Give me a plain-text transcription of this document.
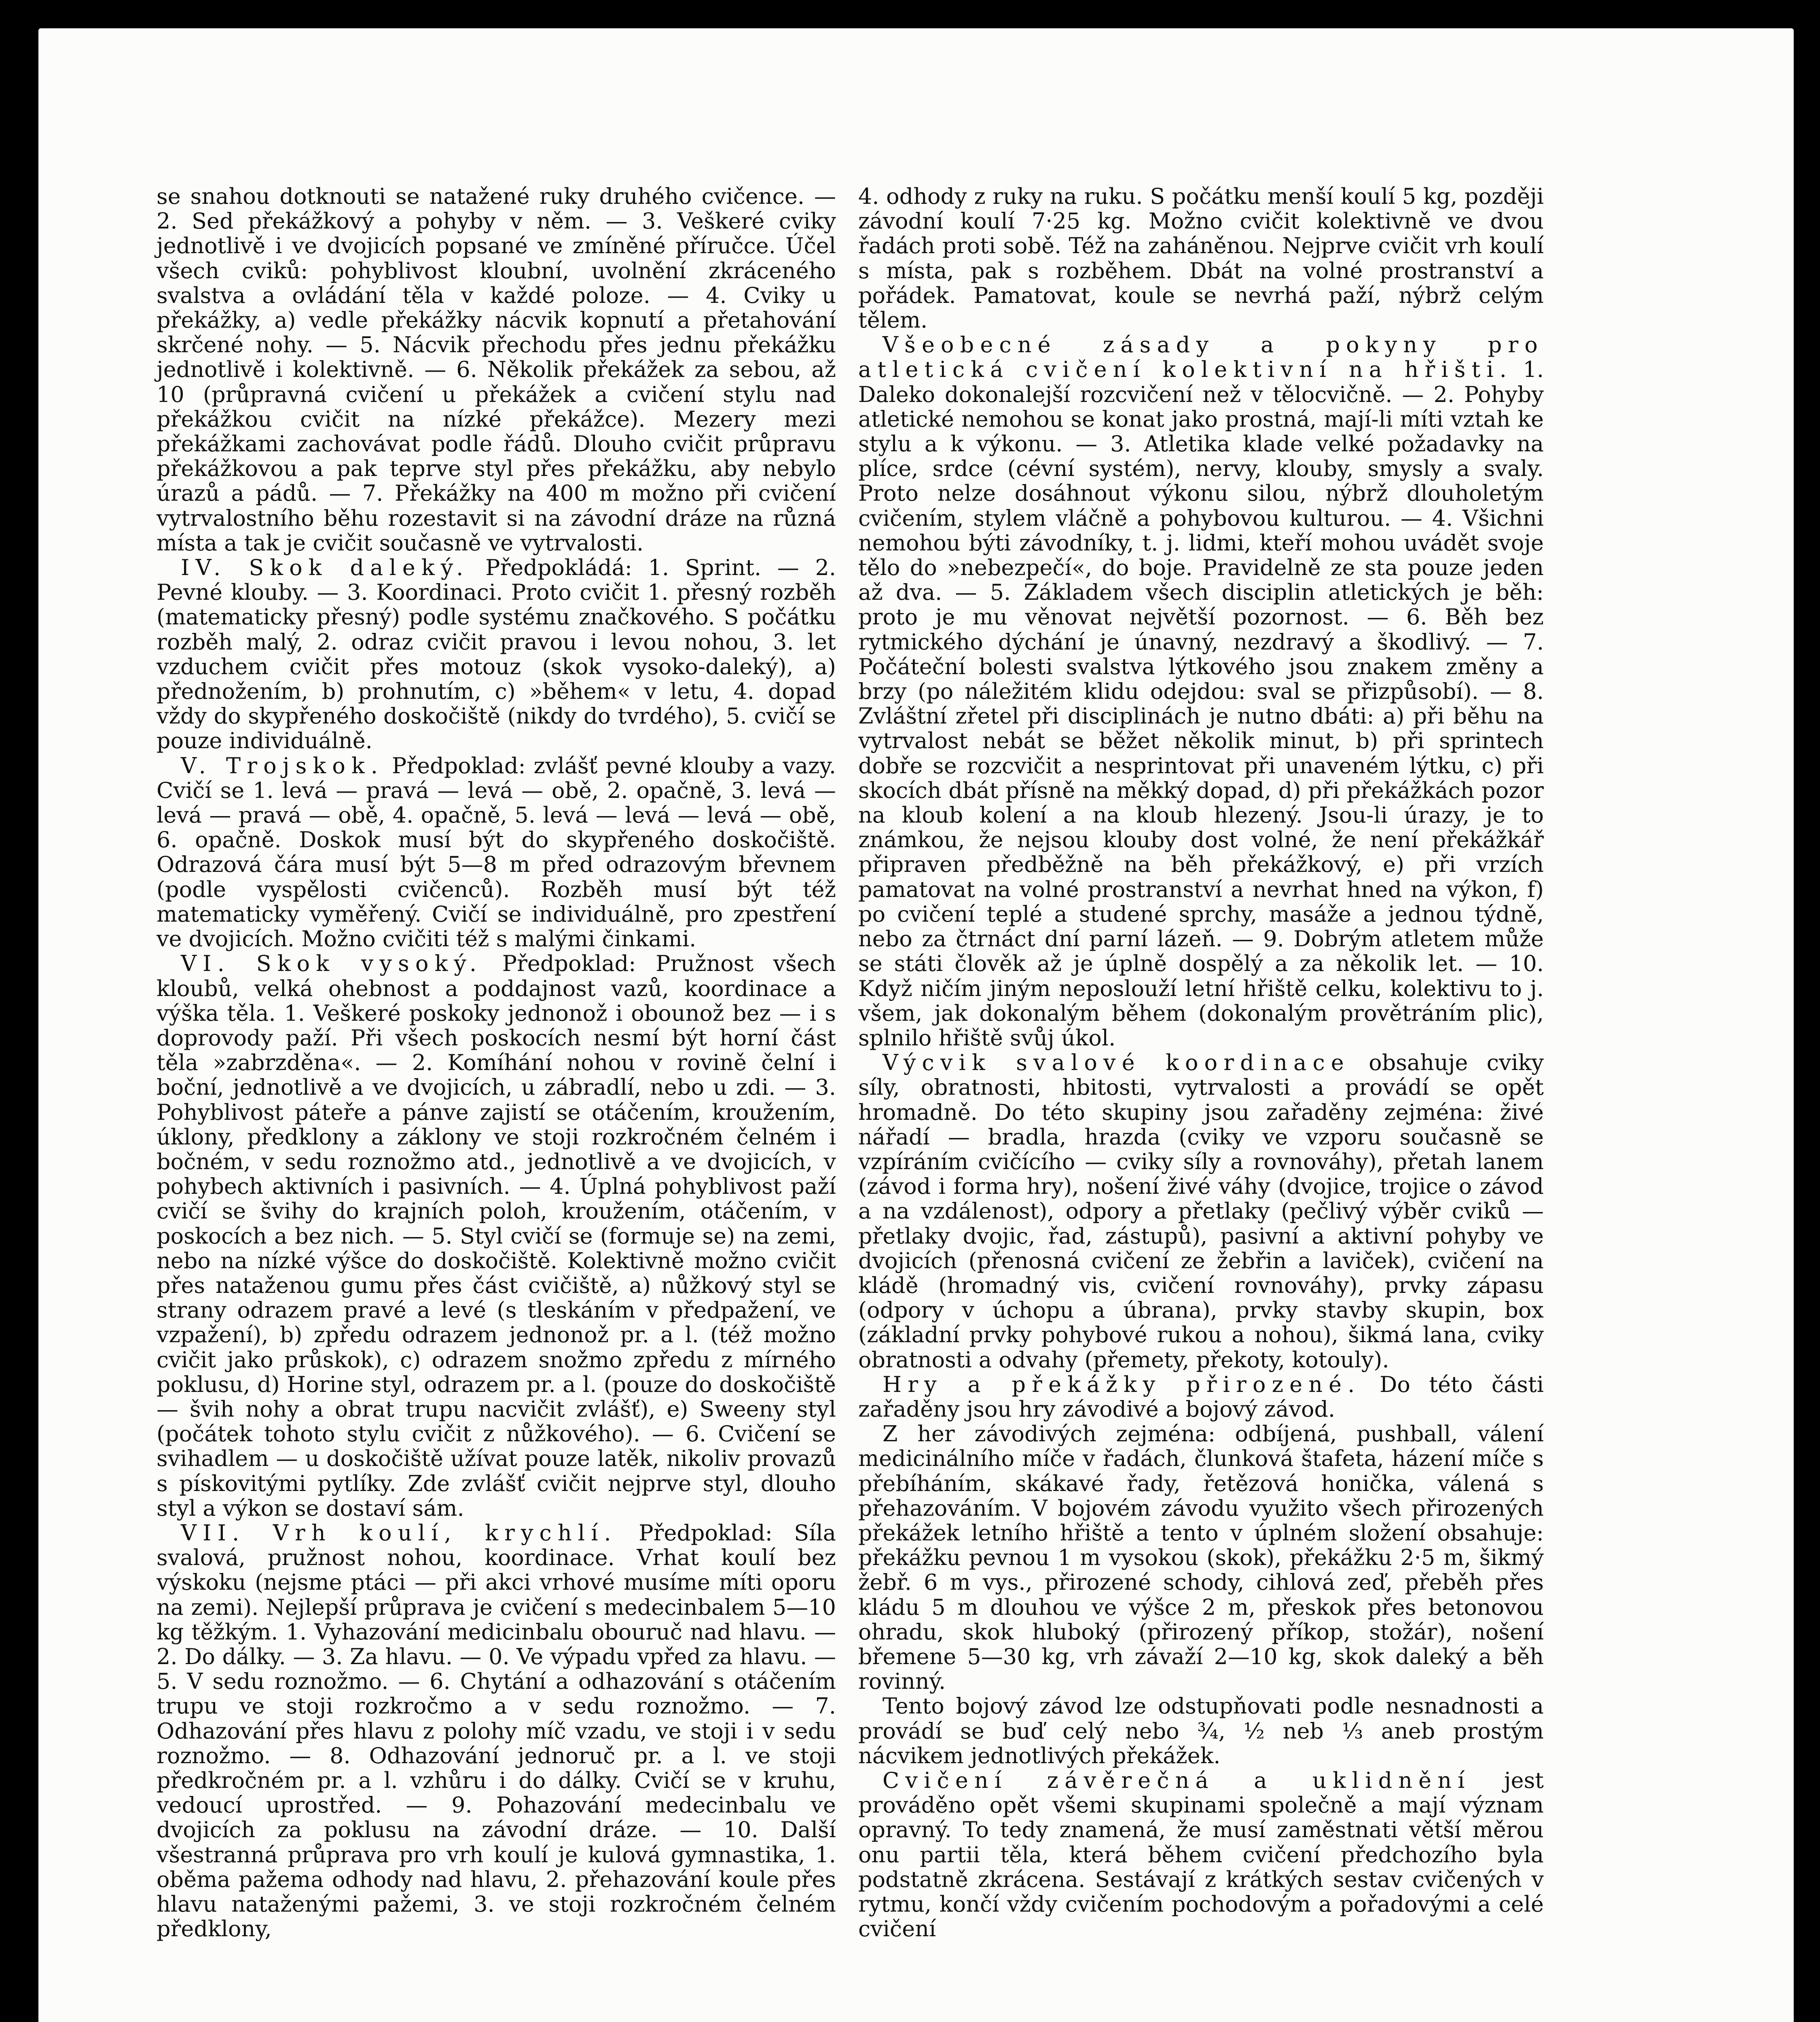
se snahou dotknouti se natažené ruky druhého cvičence. — 2. Sed překážkový a pohyby v něm. — 3. Veškeré cviky jednotlivě i ve dvojicích popsané ve zmíněné příručce. Účel všech cviků: pohyblivost kloubní, uvolnění zkráceného svalstva a ovládání těla v každé poloze. — 4. Cviky u překážky, a) vedle překážky nácvik kopnutí a přetahování skrčené nohy. — 5. Nácvik přechodu přes jednu překážku jednotlivě i kolektivně. — 6. Několik překážek za sebou, až 10 (průpravná cvičení u překážek a cvičení stylu nad překážkou cvičit na nízké překážce). Mezery mezi překážkami zachovávat podle řádů. Dlouho cvičit průpravu překážkovou a pak teprve styl přes překážku, aby nebylo úrazů a pádů. — 7. Překážky na 400 m možno při cvičení vytrvalostního běhu rozestavit si na závodní dráze na různá místa a tak je cvičit současně ve vytrvalosti.

IV. Skok daleký. Předpokládá: 1. Sprint. — 2. Pevné klouby. — 3. Koordinaci. Proto cvičit 1. přesný rozběh (matematicky přesný) podle systému značkového. S počátku rozběh malý, 2. odraz cvičit pravou i levou nohou, 3. let vzduchem cvičit přes motouz (skok vysoko-daleký), a) přednožením, b) prohnutím, c) »během« v letu, 4. dopad vždy do skypřeného doskočiště (nikdy do tvrdého), 5. cvičí se pouze individuálně.

V. Trojskok. Předpoklad: zvlášť pevné klouby a vazy. Cvičí se 1. levá — pravá — levá — obě, 2. opačně, 3. levá — levá — pravá — obě, 4. opačně, 5. levá — levá — levá — obě, 6. opačně. Doskok musí být do skypřeného doskočiště. Odrazová čára musí být 5—8 m před odrazovým břevnem (podle vyspělosti cvičenců). Rozběh musí být též matematicky vyměřený. Cvičí se individuálně, pro zpestření ve dvojicích. Možno cvičiti též s malými činkami.

VI. Skok vysoký. Předpoklad: Pružnost všech kloubů, velká ohebnost a poddajnost vazů, koordinace a výška těla. 1. Veškeré poskoky jednonož i obounož bez — i s doprovody paží. Při všech poskocích nesmí být horní část těla »zabrzděna«. — 2. Komíhání nohou v rovině čelní i boční, jednotlivě a ve dvojicích, u zábradlí, nebo u zdi. — 3. Pohyblivost páteře a pánve zajistí se otáčením, kroužením, úklony, předklony a záklony ve stoji rozkročném čelném i bočném, v sedu roznožmo atd., jednotlivě a ve dvojicích, v pohybech aktivních i pasivních. — 4. Úplná pohyblivost paží cvičí se švihy do krajních poloh, kroužením, otáčením, v poskocích a bez nich. — 5. Styl cvičí se (formuje se) na zemi, nebo na nízké výšce do doskočiště. Kolektivně možno cvičit přes nataženou gumu přes část cvičiště, a) nůžkový styl se strany odrazem pravé a levé (s tleskáním v předpažení, ve vzpažení), b) zpředu odrazem jednonož pr. a l. (též možno cvičit jako průskok), c) odrazem snožmo zpředu z mírného poklusu, d) Horine styl, odrazem pr. a l. (pouze do doskočiště — švih nohy a obrat trupu nacvičit zvlášť), e) Sweeny styl (počátek tohoto stylu cvičit z nůžkového). — 6. Cvičení se svihadlem — u doskočiště užívat pouze latěk, nikoliv provazů s pískovitými pytlíky. Zde zvlášť cvičit nejprve styl, dlouho styl a výkon se dostaví sám.

VII. Vrh koulí, krychlí. Předpoklad: Síla svalová, pružnost nohou, koordinace. Vrhat koulí bez výskoku (nejsme ptáci — při akci vrhové musíme míti oporu na zemi). Nejlepší průprava je cvičení s medecinbalem 5—10 kg těžkým. 1. Vyhazování medicinbalu obouruč nad hlavu. — 2. Do dálky. — 3. Za hlavu. — 0. Ve výpadu vpřed za hlavu. — 5. V sedu roznožmo. — 6. Chytání a odhazování s otáčením trupu ve stoji rozkročmo a v sedu roznožmo. — 7. Odhazování přes hlavu z polohy míč vzadu, ve stoji i v sedu roznožmo. — 8. Odhazování jednoruč pr. a l. ve stoji předkročném pr. a l. vzhůru i do dálky. Cvičí se v kruhu, vedoucí uprostřed. — 9. Pohazování medecinbalu ve dvojicích za poklusu na závodní dráze. — 10. Další všestranná průprava pro vrh koulí je kulová gymnastika, 1. oběma pažema odhody nad hlavu, 2. přehazování koule přes hlavu nataženými pažemi, 3. ve stoji rozkročném čelném předklony,

4. odhody z ruky na ruku. S počátku menší koulí 5 kg, později závodní koulí 7·25 kg. Možno cvičit kolektivně ve dvou řadách proti sobě. Též na zaháněnou. Nejprve cvičit vrh koulí s místa, pak s rozběhem. Dbát na volné prostranství a pořádek. Pamatovat, koule se nevrhá paží, nýbrž celým tělem.

Všeobecné zásady a pokyny pro atletická cvičení kolektivní na hřišti. 1. Daleko dokonalejší rozcvičení než v tělocvičně. — 2. Pohyby atletické nemohou se konat jako prostná, mají-li míti vztah ke stylu a k výkonu. — 3. Atletika klade velké požadavky na plíce, srdce (cévní systém), nervy, klouby, smysly a svaly. Proto nelze dosáhnout výkonu silou, nýbrž dlouholetým cvičením, stylem vláčně a pohybovou kulturou. — 4. Všichni nemohou býti závodníky, t. j. lidmi, kteří mohou uvádět svoje tělo do »nebezpečí«, do boje. Pravidelně ze sta pouze jeden až dva. — 5. Základem všech disciplin atletických je běh: proto je mu věnovat největší pozornost. — 6. Běh bez rytmického dýchání je únavný, nezdravý a škodlivý. — 7. Počáteční bolesti svalstva lýtkového jsou znakem změny a brzy (po náležitém klidu odejdou: sval se přizpůsobí). — 8. Zvláštní zřetel při disciplinách je nutno dbáti: a) při běhu na vytrvalost nebát se běžet několik minut, b) při sprintech dobře se rozcvičit a nesprintovat při unaveném lýtku, c) při skocích dbát přísně na měkký dopad, d) při překážkách pozor na kloub kolení a na kloub hlezený. Jsou-li úrazy, je to známkou, že nejsou klouby dost volné, že není překážkář připraven předběžně na běh překážkový, e) při vrzích pamatovat na volné prostranství a nevrhat hned na výkon, f) po cvičení teplé a studené sprchy, masáže a jednou týdně, nebo za čtrnáct dní parní lázeň. — 9. Dobrým atletem může se státi člověk až je úplně dospělý a za několik let. — 10. Když ničím jiným neposlouží letní hřiště celku, kolektivu to j. všem, jak dokonalým během (dokonalým provětráním plic), splnilo hřiště svůj úkol.

Výcvik svalové koordinace obsahuje cviky síly, obratnosti, hbitosti, vytrvalosti a provádí se opět hromadně. Do této skupiny jsou zařaděny zejména: živé nářadí — bradla, hrazda (cviky ve vzporu současně se vzpíráním cvičícího — cviky síly a rovnováhy), přetah lanem (závod i forma hry), nošení živé váhy (dvojice, trojice o závod a na vzdálenost), odpory a přetlaky (pečlivý výběr cviků — přetlaky dvojic, řad, zástupů), pasivní a aktivní pohyby ve dvojicích (přenosná cvičení ze žebřin a laviček), cvičení na kládě (hromadný vis, cvičení rovnováhy), prvky zápasu (odpory v úchopu a úbrana), prvky stavby skupin, box (základní prvky pohybové rukou a nohou), šikmá lana, cviky obratnosti a odvahy (přemety, překoty, kotouly).

Hry a překážky přirozené. Do této části zařaděny jsou hry závodivé a bojový závod.

Z her závodivých zejména: odbíjená, pushball, válení medicinálního míče v řadách, člunková štafeta, házení míče s přebíháním, skákavé řady, řetězová honička, válená s přehazováním. V bojovém závodu využito všech přirozených překážek letního hřiště a tento v úplném složení obsahuje: překážku pevnou 1 m vysokou (skok), překážku 2·5 m, šikmý žebř. 6 m vys., přirozené schody, cihlová zeď, přeběh přes kládu 5 m dlouhou ve výšce 2 m, přeskok přes betonovou ohradu, skok hluboký (přirozený příkop, stožár), nošení břemene 5—30 kg, vrh závaží 2—10 kg, skok daleký a běh rovinný.

Tento bojový závod lze odstupňovati podle nesnadnosti a provádí se buď celý nebo ¾, ½ neb ⅓ aneb prostým nácvikem jednotlivých překážek.

Cvičení závěrečná a uklidnění jest prováděno opět všemi skupinami společně a mají význam opravný. To tedy znamená, že musí zaměstnati větší měrou onu partii těla, která během cvičení předchozího byla podstatně zkrácena. Sestávají z krátkých sestav cvičených v rytmu, končí vždy cvičením pochodovým a pořadovými a celé cvičení
